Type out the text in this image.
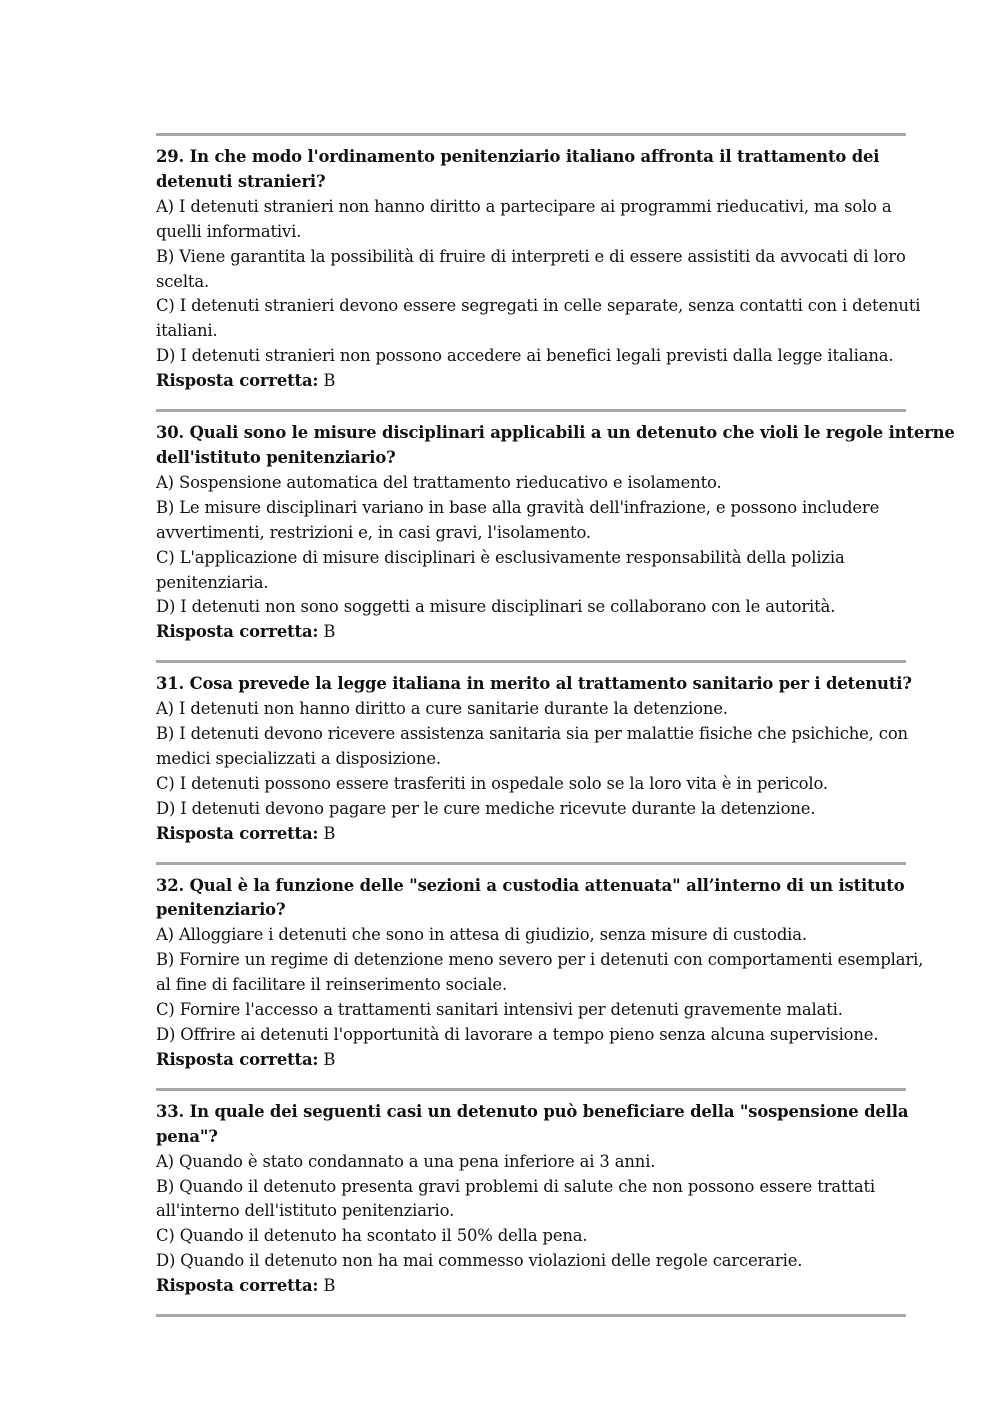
29. In che modo l'ordinamento penitenziario italiano affronta il trattamento dei
detenuti stranieri?
A) I detenuti stranieri non hanno diritto a partecipare ai programmi rieducativi, ma solo a
quelli informativi.
B) Viene garantita la possibilità di fruire di interpreti e di essere assistiti da avvocati di loro
scelta.
C) I detenuti stranieri devono essere segregati in celle separate, senza contatti con i detenuti
italiani.
D) I detenuti stranieri non possono accedere ai benefici legali previsti dalla legge italiana.
Risposta corretta: B
30. Quali sono le misure disciplinari applicabili a un detenuto che violi le regole interne
dell'istituto penitenziario?
A) Sospensione automatica del trattamento rieducativo e isolamento.
B) Le misure disciplinari variano in base alla gravità dell'infrazione, e possono includere
avvertimenti, restrizioni e, in casi gravi, l'isolamento.
C) L'applicazione di misure disciplinari è esclusivamente responsabilità della polizia
penitenziaria.
D) I detenuti non sono soggetti a misure disciplinari se collaborano con le autorità.
Risposta corretta: B
31. Cosa prevede la legge italiana in merito al trattamento sanitario per i detenuti?
A) I detenuti non hanno diritto a cure sanitarie durante la detenzione.
B) I detenuti devono ricevere assistenza sanitaria sia per malattie fisiche che psichiche, con
medici specializzati a disposizione.
C) I detenuti possono essere trasferiti in ospedale solo se la loro vita è in pericolo.
D) I detenuti devono pagare per le cure mediche ricevute durante la detenzione.
Risposta corretta: B
32. Qual è la funzione delle "sezioni a custodia attenuata" all’interno di un istituto
penitenziario?
A) Alloggiare i detenuti che sono in attesa di giudizio, senza misure di custodia.
B) Fornire un regime di detenzione meno severo per i detenuti con comportamenti esemplari,
al fine di facilitare il reinserimento sociale.
C) Fornire l'accesso a trattamenti sanitari intensivi per detenuti gravemente malati.
D) Offrire ai detenuti l'opportunità di lavorare a tempo pieno senza alcuna supervisione.
Risposta corretta: B
33. In quale dei seguenti casi un detenuto può beneficiare della "sospensione della
pena"?
A) Quando è stato condannato a una pena inferiore ai 3 anni.
B) Quando il detenuto presenta gravi problemi di salute che non possono essere trattati
all'interno dell'istituto penitenziario.
C) Quando il detenuto ha scontato il 50% della pena.
D) Quando il detenuto non ha mai commesso violazioni delle regole carcerarie.
Risposta corretta: B
